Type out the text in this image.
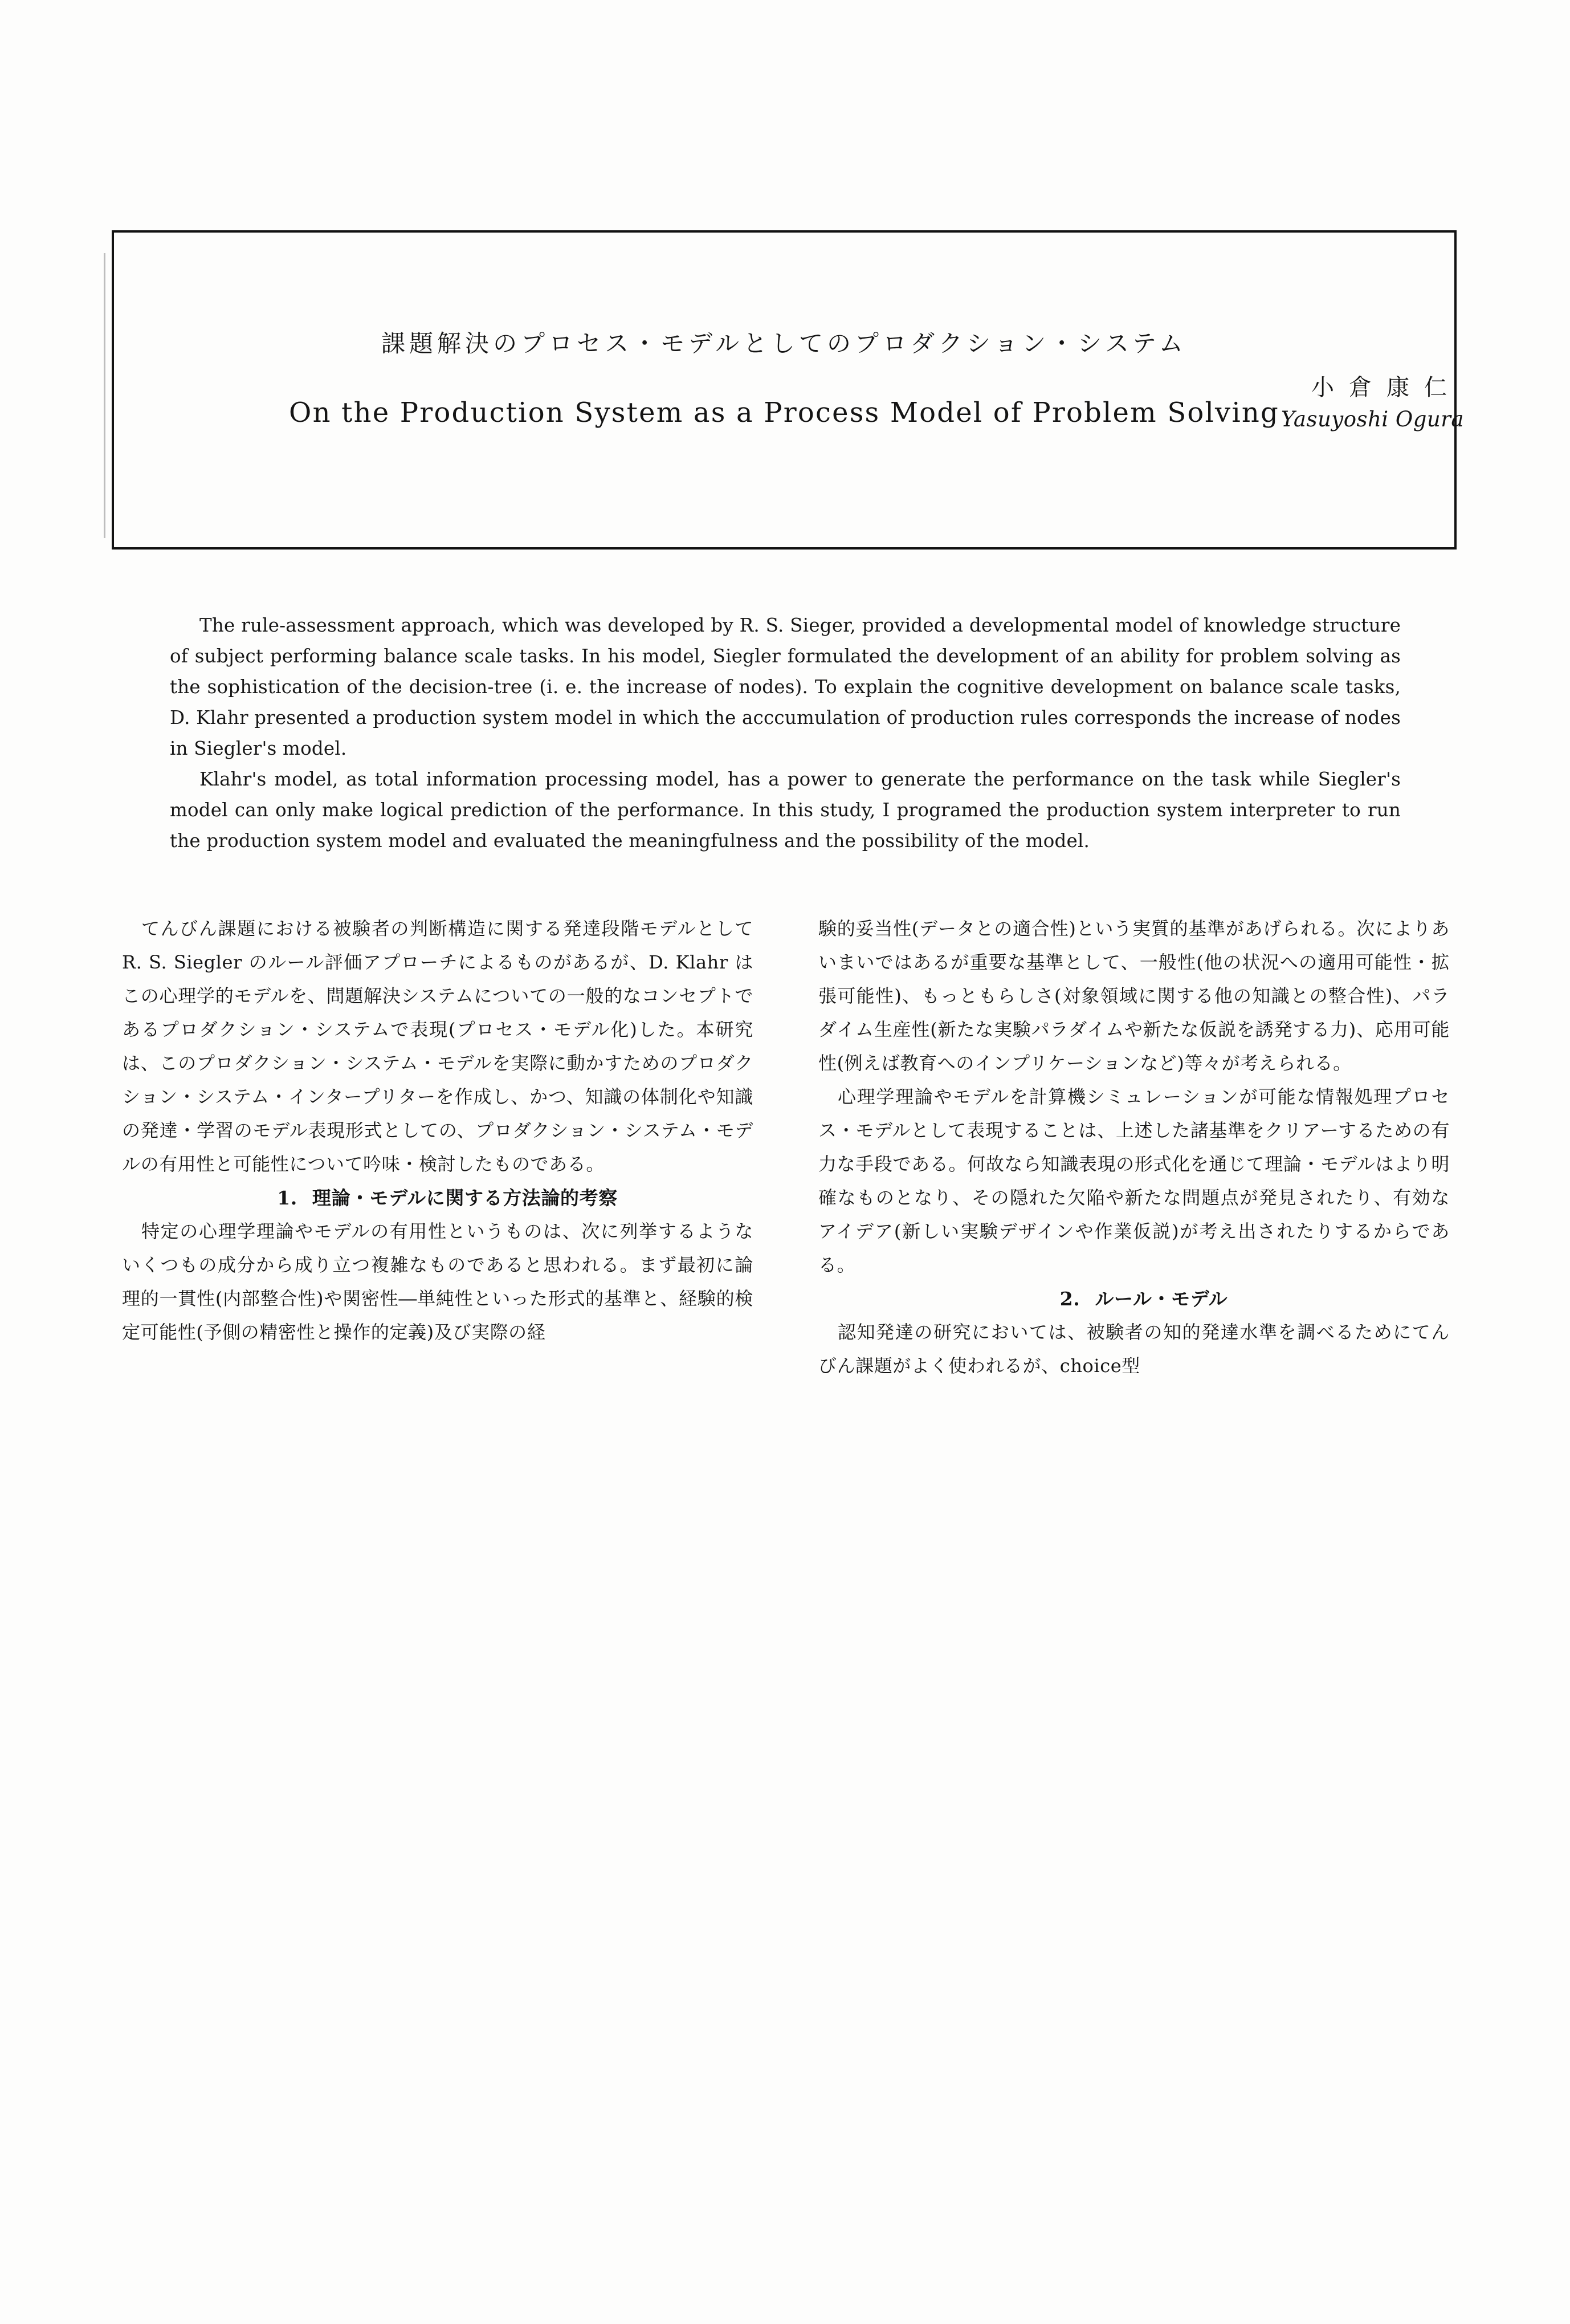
課題解決のプロセス・モデルとしてのプロダクション・システム
On the Production System as a Process Model of Problem Solving
小倉康仁
Yasuyoshi Ogura

The rule-assessment approach, which was developed by R. S. Sieger, provided a developmental model of knowledge structure of subject performing balance scale tasks. In his model, Siegler formulated the development of an ability for problem solving as the sophistication of the decision-tree (i. e. the increase of nodes). To explain the cognitive development on balance scale tasks, D. Klahr presented a production system model in which the acccumulation of production rules corresponds the increase of nodes in Siegler's model.

Klahr's model, as total information processing model, has a power to generate the performance on the task while Siegler's model can only make logical prediction of the performance. In this study, I programed the production system interpreter to run the production system model and evaluated the meaningfulness and the possibility of the model.

てんびん課題における被験者の判断構造に関する発達段階モデルとしてR. S. Siegler のルール評価アプローチによるものがあるが、D. Klahr はこの心理学的モデルを、問題解決システムについての一般的なコンセプトであるプロダクション・システムで表現(プロセス・モデル化)した。本研究は、このプロダクション・システム・モデルを実際に動かすためのプロダクション・システム・インタープリターを作成し、かつ、知識の体制化や知識の発達・学習のモデル表現形式としての、プロダクション・システム・モデルの有用性と可能性について吟味・検討したものである。

1. 理論・モデルに関する方法論的考察

特定の心理学理論やモデルの有用性というものは、次に列挙するようないくつもの成分から成り立つ複雑なものであると思われる。まず最初に論理的一貫性(内部整合性)や関密性―単純性といった形式的基準と、経験的検定可能性(予側の精密性と操作的定義)及び実際の経

験的妥当性(データとの適合性)という実質的基準があげられる。次によりあいまいではあるが重要な基準として、一般性(他の状況への適用可能性・拡張可能性)、もっともらしさ(対象領域に関する他の知識との整合性)、パラダイム生産性(新たな実験パラダイムや新たな仮説を誘発する力)、応用可能性(例えば教育へのインプリケーションなど)等々が考えられる。

心理学理論やモデルを計算機シミュレーションが可能な情報処理プロセス・モデルとして表現することは、上述した諸基準をクリアーするための有力な手段である。何故なら知識表現の形式化を通じて理論・モデルはより明確なものとなり、その隠れた欠陥や新たな問題点が発見されたり、有効なアイデア(新しい実験デザインや作業仮説)が考え出されたりするからである。

2. ルール・モデル

認知発達の研究においては、被験者の知的発達水準を調べるためにてんびん課題がよく使われるが、choice型
